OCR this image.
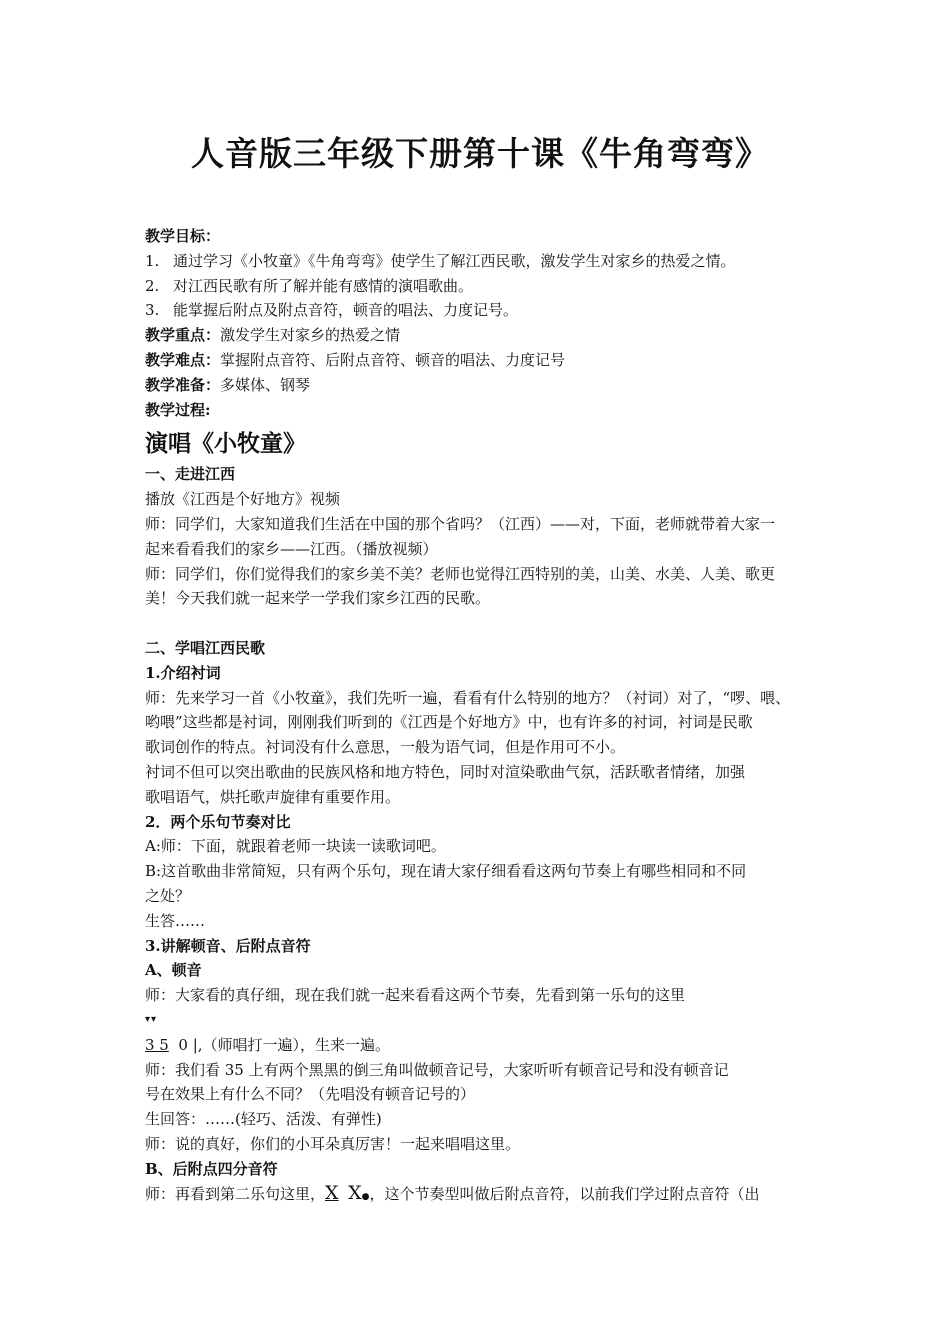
人音版三年级下册第十课《牛角弯弯》
教学目标：
1. 通过学习《小牧童》《牛角弯弯》使学生了解江西民歌，激发学生对家乡的热爱之情。
2. 对江西民歌有所了解并能有感情的演唱歌曲。
3. 能掌握后附点及附点音符，顿音的唱法、力度记号。
教学重点：激发学生对家乡的热爱之情
教学难点：掌握附点音符、后附点音符、顿音的唱法、力度记号
教学准备：多媒体、钢琴
教学过程:
演唱《小牧童》
一、走进江西
播放《江西是个好地方》视频
师：同学们，大家知道我们生活在中国的那个省吗？（江西）——对，下面，老师就带着大家一
起来看看我们的家乡——江西。（播放视频）
师：同学们，你们觉得我们的家乡美不美？老师也觉得江西特别的美，山美、水美、人美、歌更
美！今天我们就一起来学一学我们家乡江西的民歌。
二、学唱江西民歌
1.介绍衬词
师：先来学习一首《小牧童》，我们先听一遍，看看有什么特别的地方？（衬词）对了，“啰、喂、
哟喂”这些都是衬词，刚刚我们听到的《江西是个好地方》中，也有许多的衬词，衬词是民歌
歌词创作的特点。衬词没有什么意思，一般为语气词，但是作用可不小。
衬词不但可以突出歌曲的民族风格和地方特色，同时对渲染歌曲气氛，活跃歌者情绪，加强
歌唱语气，烘托歌声旋律有重要作用。
2．两个乐句节奏对比
A:师：下面，就跟着老师一块读一读歌词吧。
B:这首歌曲非常简短，只有两个乐句，现在请大家仔细看看这两句节奏上有哪些相同和不同
之处？
生答……
3.讲解顿音、后附点音符
A、顿音
师：大家看的真仔细，现在我们就一起来看看这两个节奏，先看到第一乐句的这里
▾▾
3 5  0 |,（师唱打一遍），生来一遍。
师：我们看 35 上有两个黑黑的倒三角叫做顿音记号，大家听听有顿音记号和没有顿音记
号在效果上有什么不同？（先唱没有顿音记号的）
生回答：……(轻巧、活泼、有弹性)
师：说的真好，你们的小耳朵真厉害！一起来唱唱这里。
B、后附点四分音符
师：再看到第二乐句这里，X X●，这个节奏型叫做后附点音符，以前我们学过附点音符（出
